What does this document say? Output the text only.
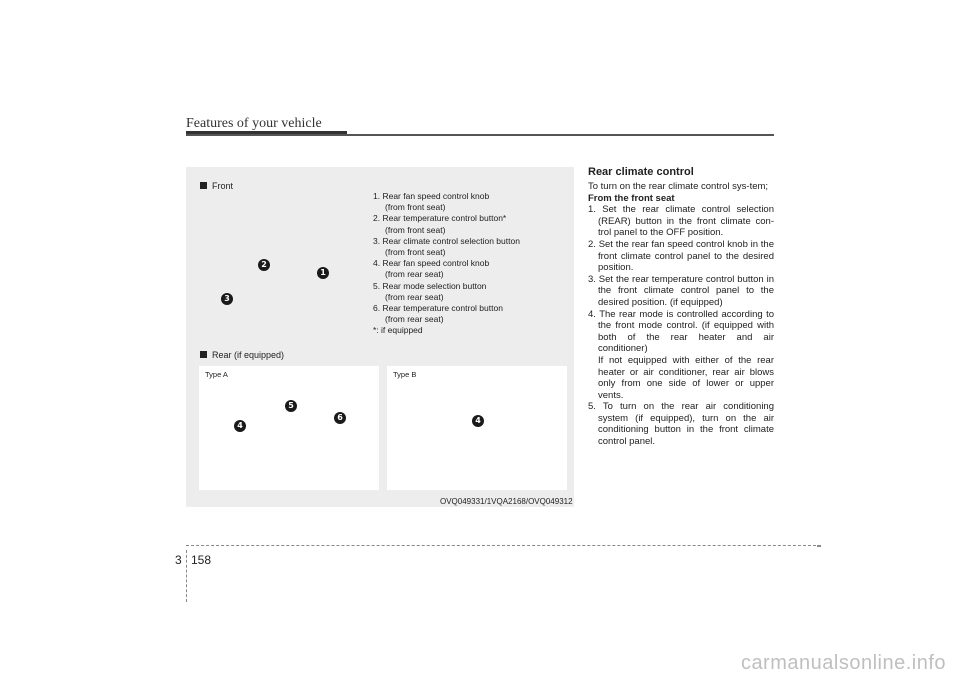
Features of your vehicle
Front
1. Rear fan speed control knob
(from front seat)
2. Rear temperature control button*
(from front seat)
3. Rear climate control selection button
(from front seat)
4. Rear fan speed control knob
(from rear seat)
5. Rear mode selection button
(from rear seat)
6. Rear temperature control button
(from rear seat)
*: if equipped
1
2
3
Rear (if equipped)
Type A	Type B
4
5
6	4
OVQ049331/1VQA2168/OVQ049312
Rear climate control

To turn on the rear climate control sys-tem;

From the front seat

1. Set the rear climate control selection (REAR) button in the front climate con-trol panel to the OFF position.
2. Set the rear fan speed control knob in the front climate control panel to the desired position.
3. Set the rear temperature control button in the front climate control panel to the desired position. (if equipped)
4. The rear mode is controlled according to the front mode control. (if equipped with both of the rear heater and air conditioner)
If not equipped with either of the rear heater or air conditioner, rear air blows only from one side of lower or upper vents.
5. To turn on the rear air conditioning system (if equipped), turn on the air conditioning button in the front climate control panel.
3 158
carmanualsonline.info
